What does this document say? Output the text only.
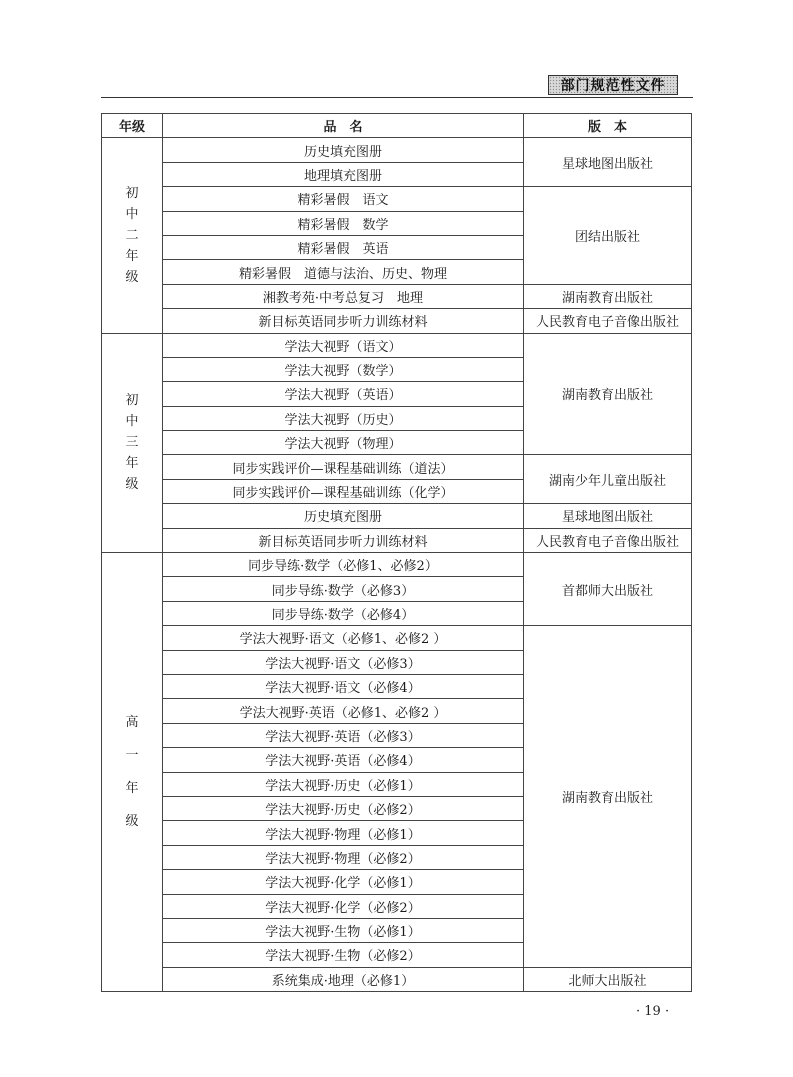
部门规范性文件
年级	品　名	版　本

初
中
二
年
级	历史填充图册	星球地图出版社
	地理填充图册	
	精彩暑假　语文	团结出版社
	精彩暑假　数学	
	精彩暑假　英语	
	精彩暑假　道德与法治、历史、物理	
	湘教考苑·中考总复习　地理	湖南教育出版社
	新目标英语同步听力训练材料	人民教育电子音像出版社

初
中
三
年
级	学法大视野（语文）	湖南教育出版社
	学法大视野（数学）	
	学法大视野（英语）	
	学法大视野（历史）	
	学法大视野（物理）	
	同步实践评价—课程基础训练（道法）	湖南少年儿童出版社
	同步实践评价—课程基础训练（化学）	
	历史填充图册	星球地图出版社
	新目标英语同步听力训练材料	人民教育电子音像出版社

高
一
年
级	同步导练·数学（必修1、必修2）	首都师大出版社
	同步导练·数学（必修3）	
	同步导练·数学（必修4）	
	学法大视野·语文（必修1、必修2 ）	湖南教育出版社
	学法大视野·语文（必修3）	
	学法大视野·语文（必修4）	
	学法大视野·英语（必修1、必修2 ）	
	学法大视野·英语（必修3）	
	学法大视野·英语（必修4）	
	学法大视野·历史（必修1）	
	学法大视野·历史（必修2）	
	学法大视野·物理（必修1）	
	学法大视野·物理（必修2）	
	学法大视野·化学（必修1）	
	学法大视野·化学（必修2）	
	学法大视野·生物（必修1）	
	学法大视野·生物（必修2）	
	系统集成·地理（必修1）	北师大出版社
· 19 ·
